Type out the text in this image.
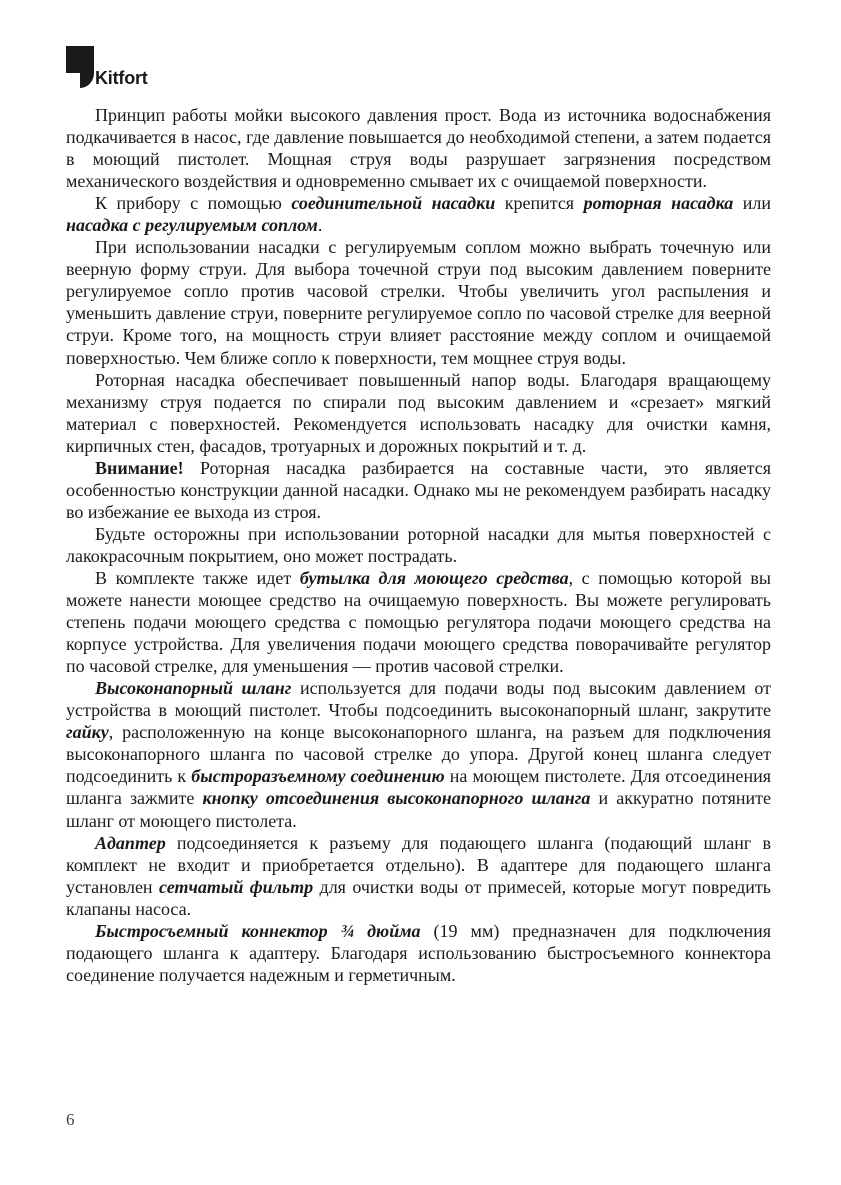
Kitfort

Принцип работы мойки высокого давления прост. Вода из источника водоснабжения подкачивается в насос, где давление повышается до необходимой степени, а затем подается в моющий пистолет. Мощная струя воды разрушает загрязнения посредством механического воздействия и одновременно смывает их с очищаемой поверхности.

К прибору с помощью соединительной насадки крепится роторная насадка или насадка с регулируемым соплом.

При использовании насадки с регулируемым соплом можно выбрать точечную или веерную форму струи. Для выбора точечной струи под высоким давлением поверните регулируемое сопло против часовой стрелки. Чтобы увеличить угол распыления и уменьшить давление струи, поверните регулируемое сопло по часовой стрелке для веерной струи. Кроме того, на мощность струи влияет расстояние между соплом и очищаемой поверхностью. Чем ближе сопло к поверхности, тем мощнее струя воды.

Роторная насадка обеспечивает повышенный напор воды. Благодаря вращающему механизму струя подается по спирали под высоким давлением и «срезает» мягкий материал с поверхностей. Рекомендуется использовать насадку для очистки камня, кирпичных стен, фасадов, тротуарных и дорожных покрытий и т. д.

Внимание! Роторная насадка разбирается на составные части, это является особенностью конструкции данной насадки. Однако мы не рекомендуем разбирать насадку во избежание ее выхода из строя.

Будьте осторожны при использовании роторной насадки для мытья поверхностей с лакокрасочным покрытием, оно может пострадать.

В комплекте также идет бутылка для моющего средства, с помощью которой вы можете нанести моющее средство на очищаемую поверхность. Вы можете регулировать степень подачи моющего средства с помощью регулятора подачи моющего средства на корпусе устройства. Для увеличения подачи моющего средства поворачивайте регулятор по часовой стрелке, для уменьшения — против часовой стрелки.

Высоконапорный шланг используется для подачи воды под высоким давлением от устройства в моющий пистолет. Чтобы подсоединить высоконапорный шланг, закрутите гайку, расположенную на конце высоконапорного шланга, на разъем для подключения высоконапорного шланга по часовой стрелке до упора. Другой конец шланга следует подсоединить к быстроразъемному соединению на моющем пистолете. Для отсоединения шланга зажмите кнопку отсоединения высоконапорного шланга и аккуратно потяните шланг от моющего пистолета.

Адаптер подсоединяется к разъему для подающего шланга (подающий шланг в комплект не входит и приобретается отдельно). В адаптере для подающего шланга установлен сетчатый фильтр для очистки воды от примесей, которые могут повредить клапаны насоса.

Быстросъемный коннектор ¾ дюйма (19 мм) предназначен для подключения подающего шланга к адаптеру. Благодаря использованию быстросъемного коннектора соединение получается надежным и герметичным.

6
